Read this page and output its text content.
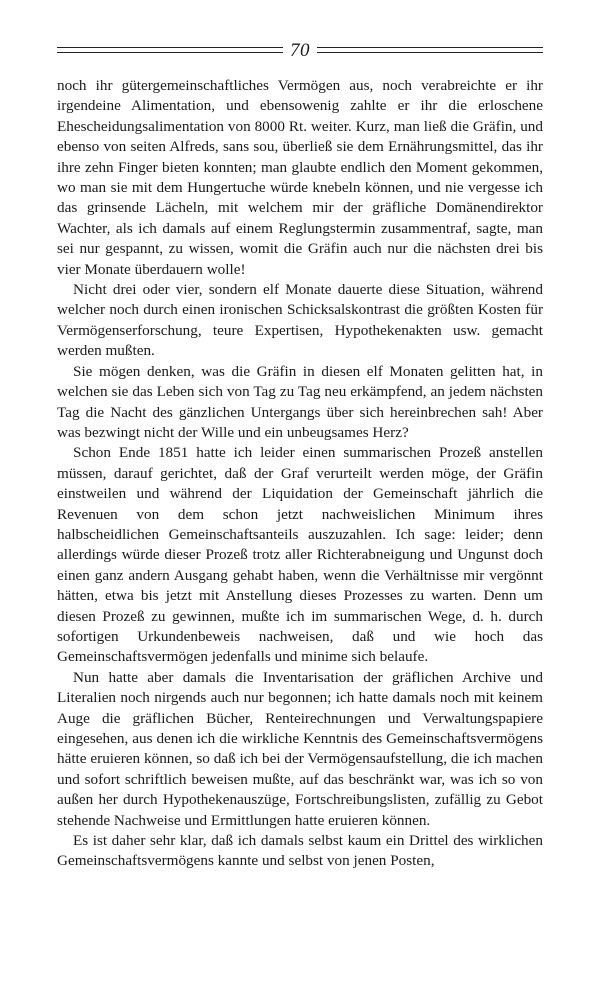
70

noch ihr gütergemeinschaftliches Vermögen aus, noch verabreichte er ihr irgendeine Alimentation, und ebensowenig zahlte er ihr die erloschene Ehescheidungsalimentation von 8000 Rt. weiter. Kurz, man ließ die Gräfin, und ebenso von seiten Alfreds, sans sou, überließ sie dem Ernährungsmittel, das ihr ihre zehn Finger bieten konnten; man glaubte endlich den Moment gekommen, wo man sie mit dem Hungertuche würde knebeln können, und nie vergesse ich das grinsende Lächeln, mit welchem mir der gräfliche Domänendirektor Wachter, als ich damals auf einem Reglungstermin zusammentraf, sagte, man sei nur gespannt, zu wissen, womit die Gräfin auch nur die nächsten drei bis vier Monate überdauern wolle!

Nicht drei oder vier, sondern elf Monate dauerte diese Situation, während welcher noch durch einen ironischen Schicksalskontrast die größten Kosten für Vermögenserforschung, teure Expertisen, Hypothekenakten usw. gemacht werden mußten.

Sie mögen denken, was die Gräfin in diesen elf Monaten gelitten hat, in welchen sie das Leben sich von Tag zu Tag neu erkämpfend, an jedem nächsten Tag die Nacht des gänzlichen Untergangs über sich hereinbrechen sah! Aber was bezwingt nicht der Wille und ein unbeugsames Herz?

Schon Ende 1851 hatte ich leider einen summarischen Prozeß anstellen müssen, darauf gerichtet, daß der Graf verurteilt werden möge, der Gräfin einstweilen und während der Liquidation der Gemeinschaft jährlich die Revenuen von dem schon jetzt nachweislichen Minimum ihres halbscheidlichen Gemeinschaftsanteils auszuzahlen. Ich sage: leider; denn allerdings würde dieser Prozeß trotz aller Richterabneigung und Ungunst doch einen ganz andern Ausgang gehabt haben, wenn die Verhältnisse mir vergönnt hätten, etwa bis jetzt mit Anstellung dieses Prozesses zu warten. Denn um diesen Prozeß zu gewinnen, mußte ich im summarischen Wege, d. h. durch sofortigen Urkundenbeweis nachweisen, daß und wie hoch das Gemeinschaftsvermögen jedenfalls und minime sich belaufe.

Nun hatte aber damals die Inventarisation der gräflichen Archive und Literalien noch nirgends auch nur begonnen; ich hatte damals noch mit keinem Auge die gräflichen Bücher, Renteirechnungen und Verwaltungspapiere eingesehen, aus denen ich die wirkliche Kenntnis des Gemeinschaftsvermögens hätte eruieren können, so daß ich bei der Vermögensaufstellung, die ich machen und sofort schriftlich beweisen mußte, auf das beschränkt war, was ich so von außen her durch Hypothekenauszüge, Fortschreibungslisten, zufällig zu Gebot stehende Nachweise und Ermittlungen hatte eruieren können.

Es ist daher sehr klar, daß ich damals selbst kaum ein Drittel des wirklichen Gemeinschaftsvermögens kannte und selbst von jenen Posten,
